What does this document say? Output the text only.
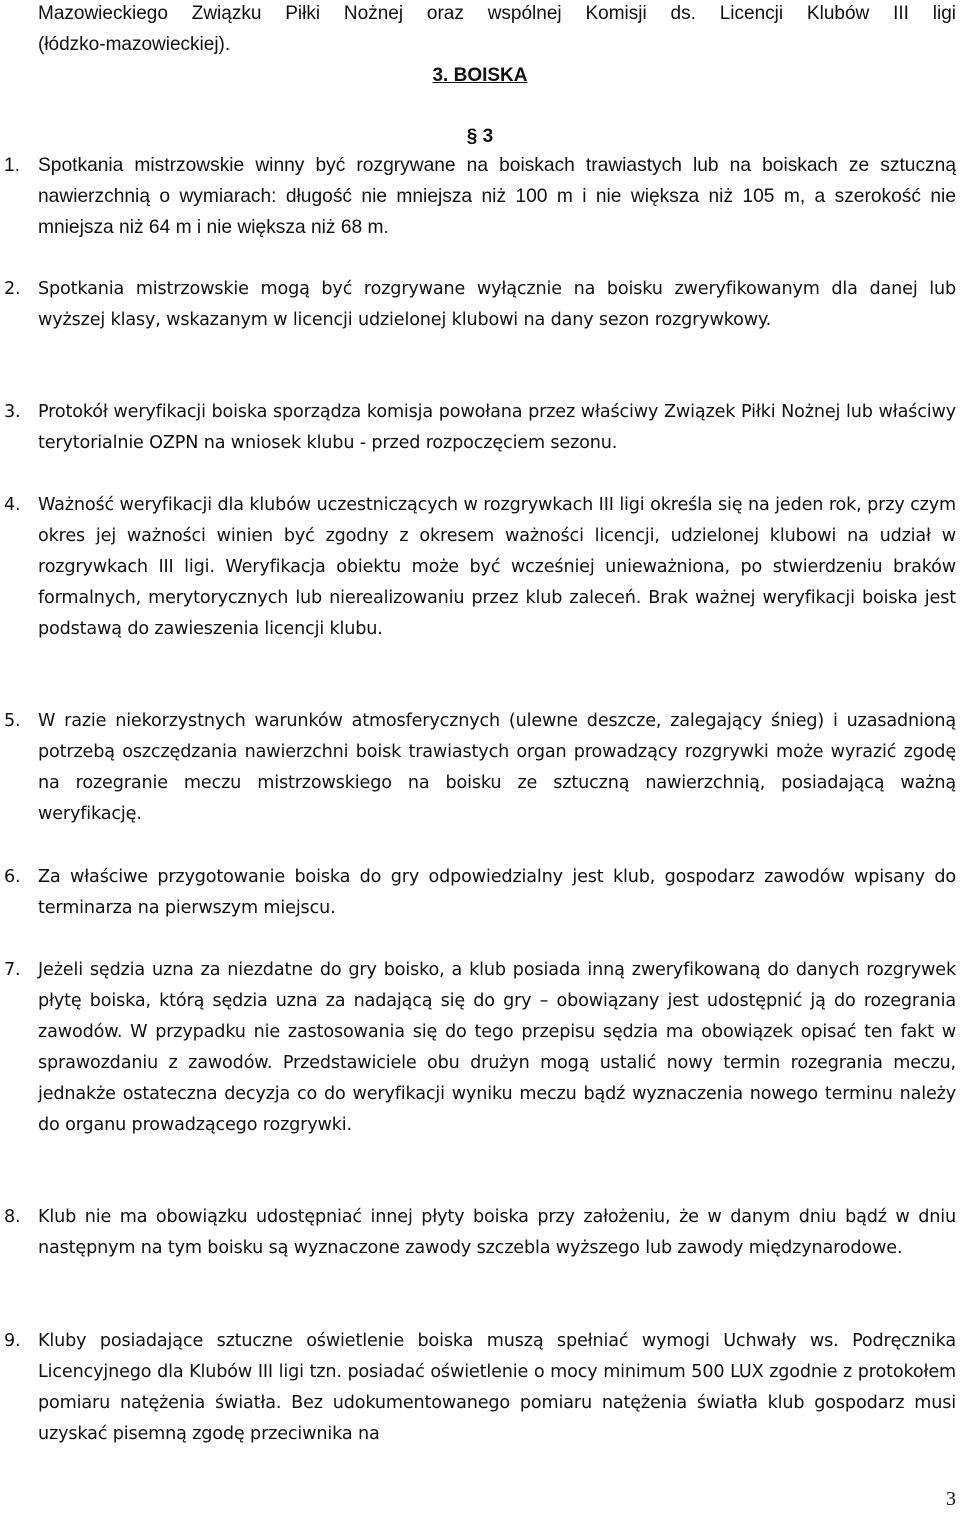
Mazowieckiego Związku Piłki Nożnej oraz wspólnej Komisji ds. Licencji Klubów III ligi
(łódzko-mazowieckiej).
3. BOISKA
§ 3
1. Spotkania mistrzowskie winny być rozgrywane na boiskach trawiastych lub na boiskach ze sztuczną nawierzchnią o wymiarach: długość nie mniejsza niż 100 m i nie większa niż 105 m, a szerokość nie mniejsza niż 64 m i nie większa niż 68 m.
2. Spotkania mistrzowskie mogą być rozgrywane wyłącznie na boisku zweryfikowanym dla danej lub wyższej klasy, wskazanym w licencji udzielonej klubowi na dany sezon rozgrywkowy.
3. Protokół weryfikacji boiska sporządza komisja powołana przez właściwy Związek Piłki Nożnej lub właściwy terytorialnie OZPN na wniosek klubu - przed rozpoczęciem sezonu.
4. Ważność weryfikacji dla klubów uczestniczących w rozgrywkach III ligi określa się na jeden rok, przy czym okres jej ważności winien być zgodny z okresem ważności licencji, udzielonej klubowi na udział w rozgrywkach III ligi. Weryfikacja obiektu może być wcześniej unieważniona, po stwierdzeniu braków formalnych, merytorycznych lub nierealizowaniu przez klub zaleceń. Brak ważnej weryfikacji boiska jest podstawą do zawieszenia licencji klubu.
5. W razie niekorzystnych warunków atmosferycznych (ulewne deszcze, zalegający śnieg) i uzasadnioną potrzebą oszczędzania nawierzchni boisk trawiastych organ prowadzący rozgrywki może wyrazić zgodę na rozegranie meczu mistrzowskiego na boisku ze sztuczną nawierzchnią, posiadającą ważną weryfikację.
6. Za właściwe przygotowanie boiska do gry odpowiedzialny jest klub, gospodarz zawodów wpisany do terminarza na pierwszym miejscu.
7. Jeżeli sędzia uzna za niezdatne do gry boisko, a klub posiada inną zweryfikowaną do danych rozgrywek płytę boiska, którą sędzia uzna za nadającą się do gry – obowiązany jest udostępnić ją do rozegrania zawodów. W przypadku nie zastosowania się do tego przepisu sędzia ma obowiązek opisać ten fakt w sprawozdaniu z zawodów. Przedstawiciele obu drużyn mogą ustalić nowy termin rozegrania meczu, jednakże ostateczna decyzja co do weryfikacji wyniku meczu bądź wyznaczenia nowego terminu należy do organu prowadzącego rozgrywki.
8. Klub nie ma obowiązku udostępniać innej płyty boiska przy założeniu, że w danym dniu bądź w dniu następnym na tym boisku są wyznaczone zawody szczebla wyższego lub zawody międzynarodowe.
9. Kluby posiadające sztuczne oświetlenie boiska muszą spełniać wymogi Uchwały ws. Podręcznika Licencyjnego dla Klubów III ligi tzn. posiadać oświetlenie o mocy minimum 500 LUX zgodnie z protokołem pomiaru natężenia światła. Bez udokumentowanego pomiaru natężenia światła klub gospodarz musi uzyskać pisemną zgodę przeciwnika na
3
